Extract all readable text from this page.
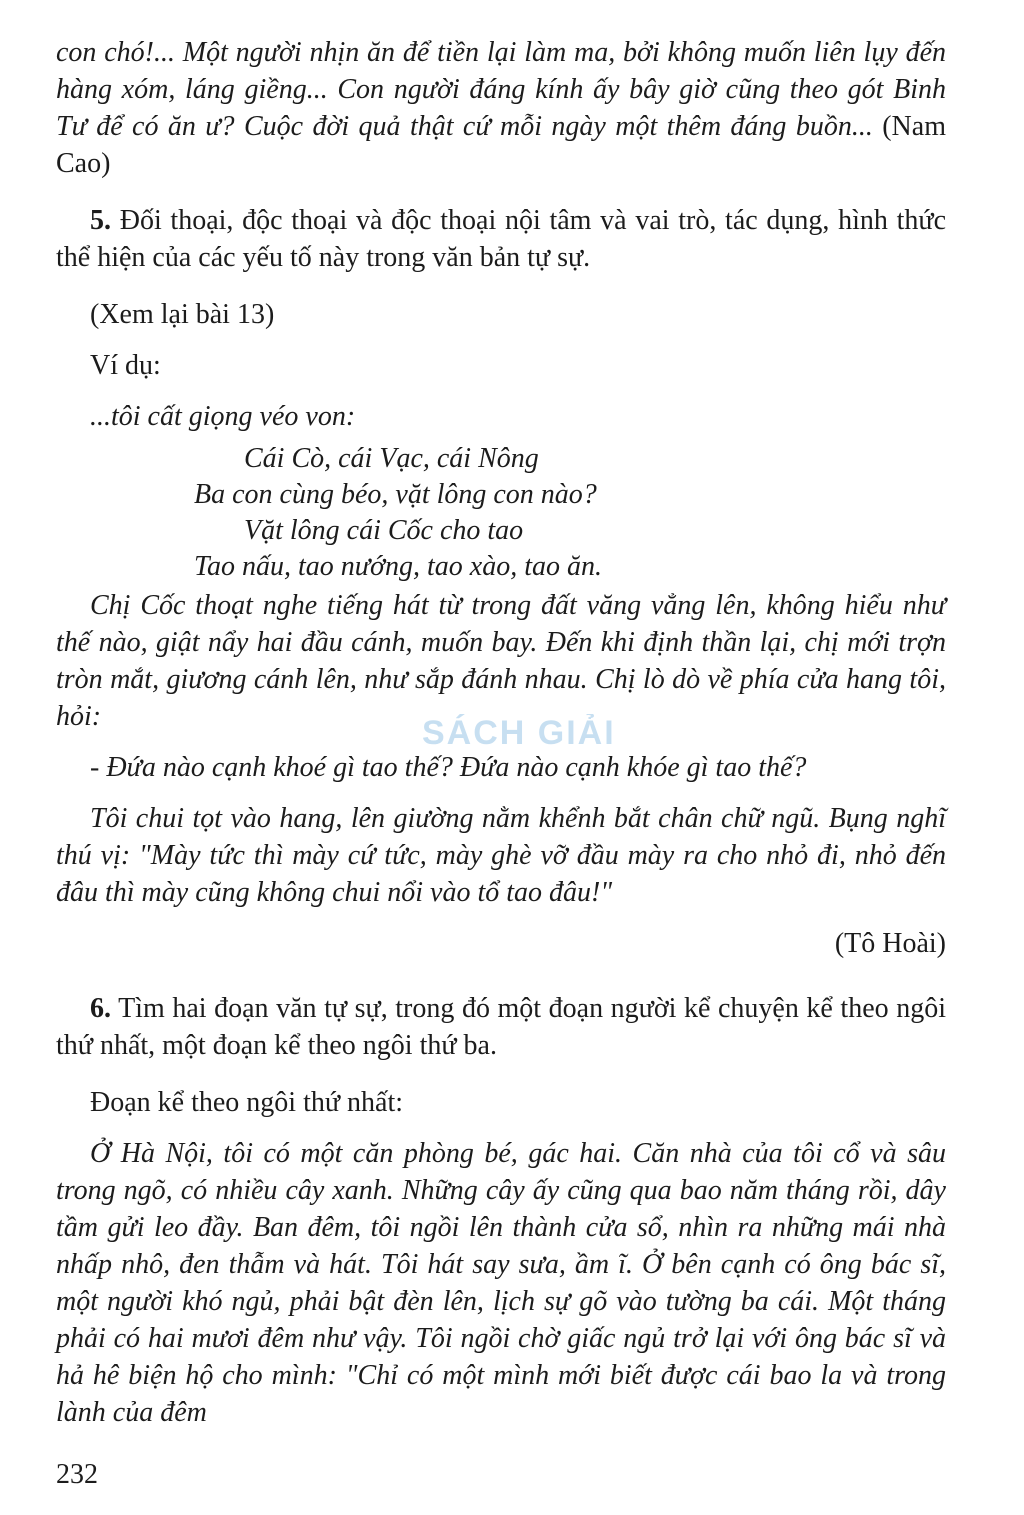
con chó!... Một người nhịn ăn để tiền lại làm ma, bởi không muốn liên lụy đến hàng xóm, láng giềng... Con người đáng kính ấy bây giờ cũng theo gót Binh Tư để có ăn ư? Cuộc đời quả thật cứ mỗi ngày một thêm đáng buồn... (Nam Cao)

5. Đối thoại, độc thoại và độc thoại nội tâm và vai trò, tác dụng, hình thức thể hiện của các yếu tố này trong văn bản tự sự.

(Xem lại bài 13)

Ví dụ:

...tôi cất giọng véo von:

Cái Cò, cái Vạc, cái Nông
Ba con cùng béo, vặt lông con nào?
Vặt lông cái Cốc cho tao
Tao nấu, tao nướng, tao xào, tao ăn.

Chị Cốc thoạt nghe tiếng hát từ trong đất văng vẳng lên, không hiểu như thế nào, giật nẩy hai đầu cánh, muốn bay. Đến khi định thần lại, chị mới trợn tròn mắt, giương cánh lên, như sắp đánh nhau. Chị lò dò về phía cửa hang tôi, hỏi:

- Đứa nào cạnh khoé gì tao thế? Đứa nào cạnh khóe gì tao thế?

Tôi chui tọt vào hang, lên giường nằm khểnh bắt chân chữ ngũ. Bụng nghĩ thú vị: "Mày tức thì mày cứ tức, mày ghè vỡ đầu mày ra cho nhỏ đi, nhỏ đến đâu thì mày cũng không chui nổi vào tổ tao đâu!"

(Tô Hoài)

6. Tìm hai đoạn văn tự sự, trong đó một đoạn người kể chuyện kể theo ngôi thứ nhất, một đoạn kể theo ngôi thứ ba.

Đoạn kể theo ngôi thứ nhất:

Ở Hà Nội, tôi có một căn phòng bé, gác hai. Căn nhà của tôi cổ và sâu trong ngõ, có nhiều cây xanh. Những cây ấy cũng qua bao năm tháng rồi, dây tầm gửi leo đầy. Ban đêm, tôi ngồi lên thành cửa sổ, nhìn ra những mái nhà nhấp nhô, đen thẫm và hát. Tôi hát say sưa, ầm ĩ. Ở bên cạnh có ông bác sĩ, một người khó ngủ, phải bật đèn lên, lịch sự gõ vào tường ba cái. Một tháng phải có hai mươi đêm như vậy. Tôi ngồi chờ giấc ngủ trở lại với ông bác sĩ và hả hê biện hộ cho mình: "Chỉ có một mình mới biết được cái bao la và trong lành của đêm

SÁCH GIẢI
232
